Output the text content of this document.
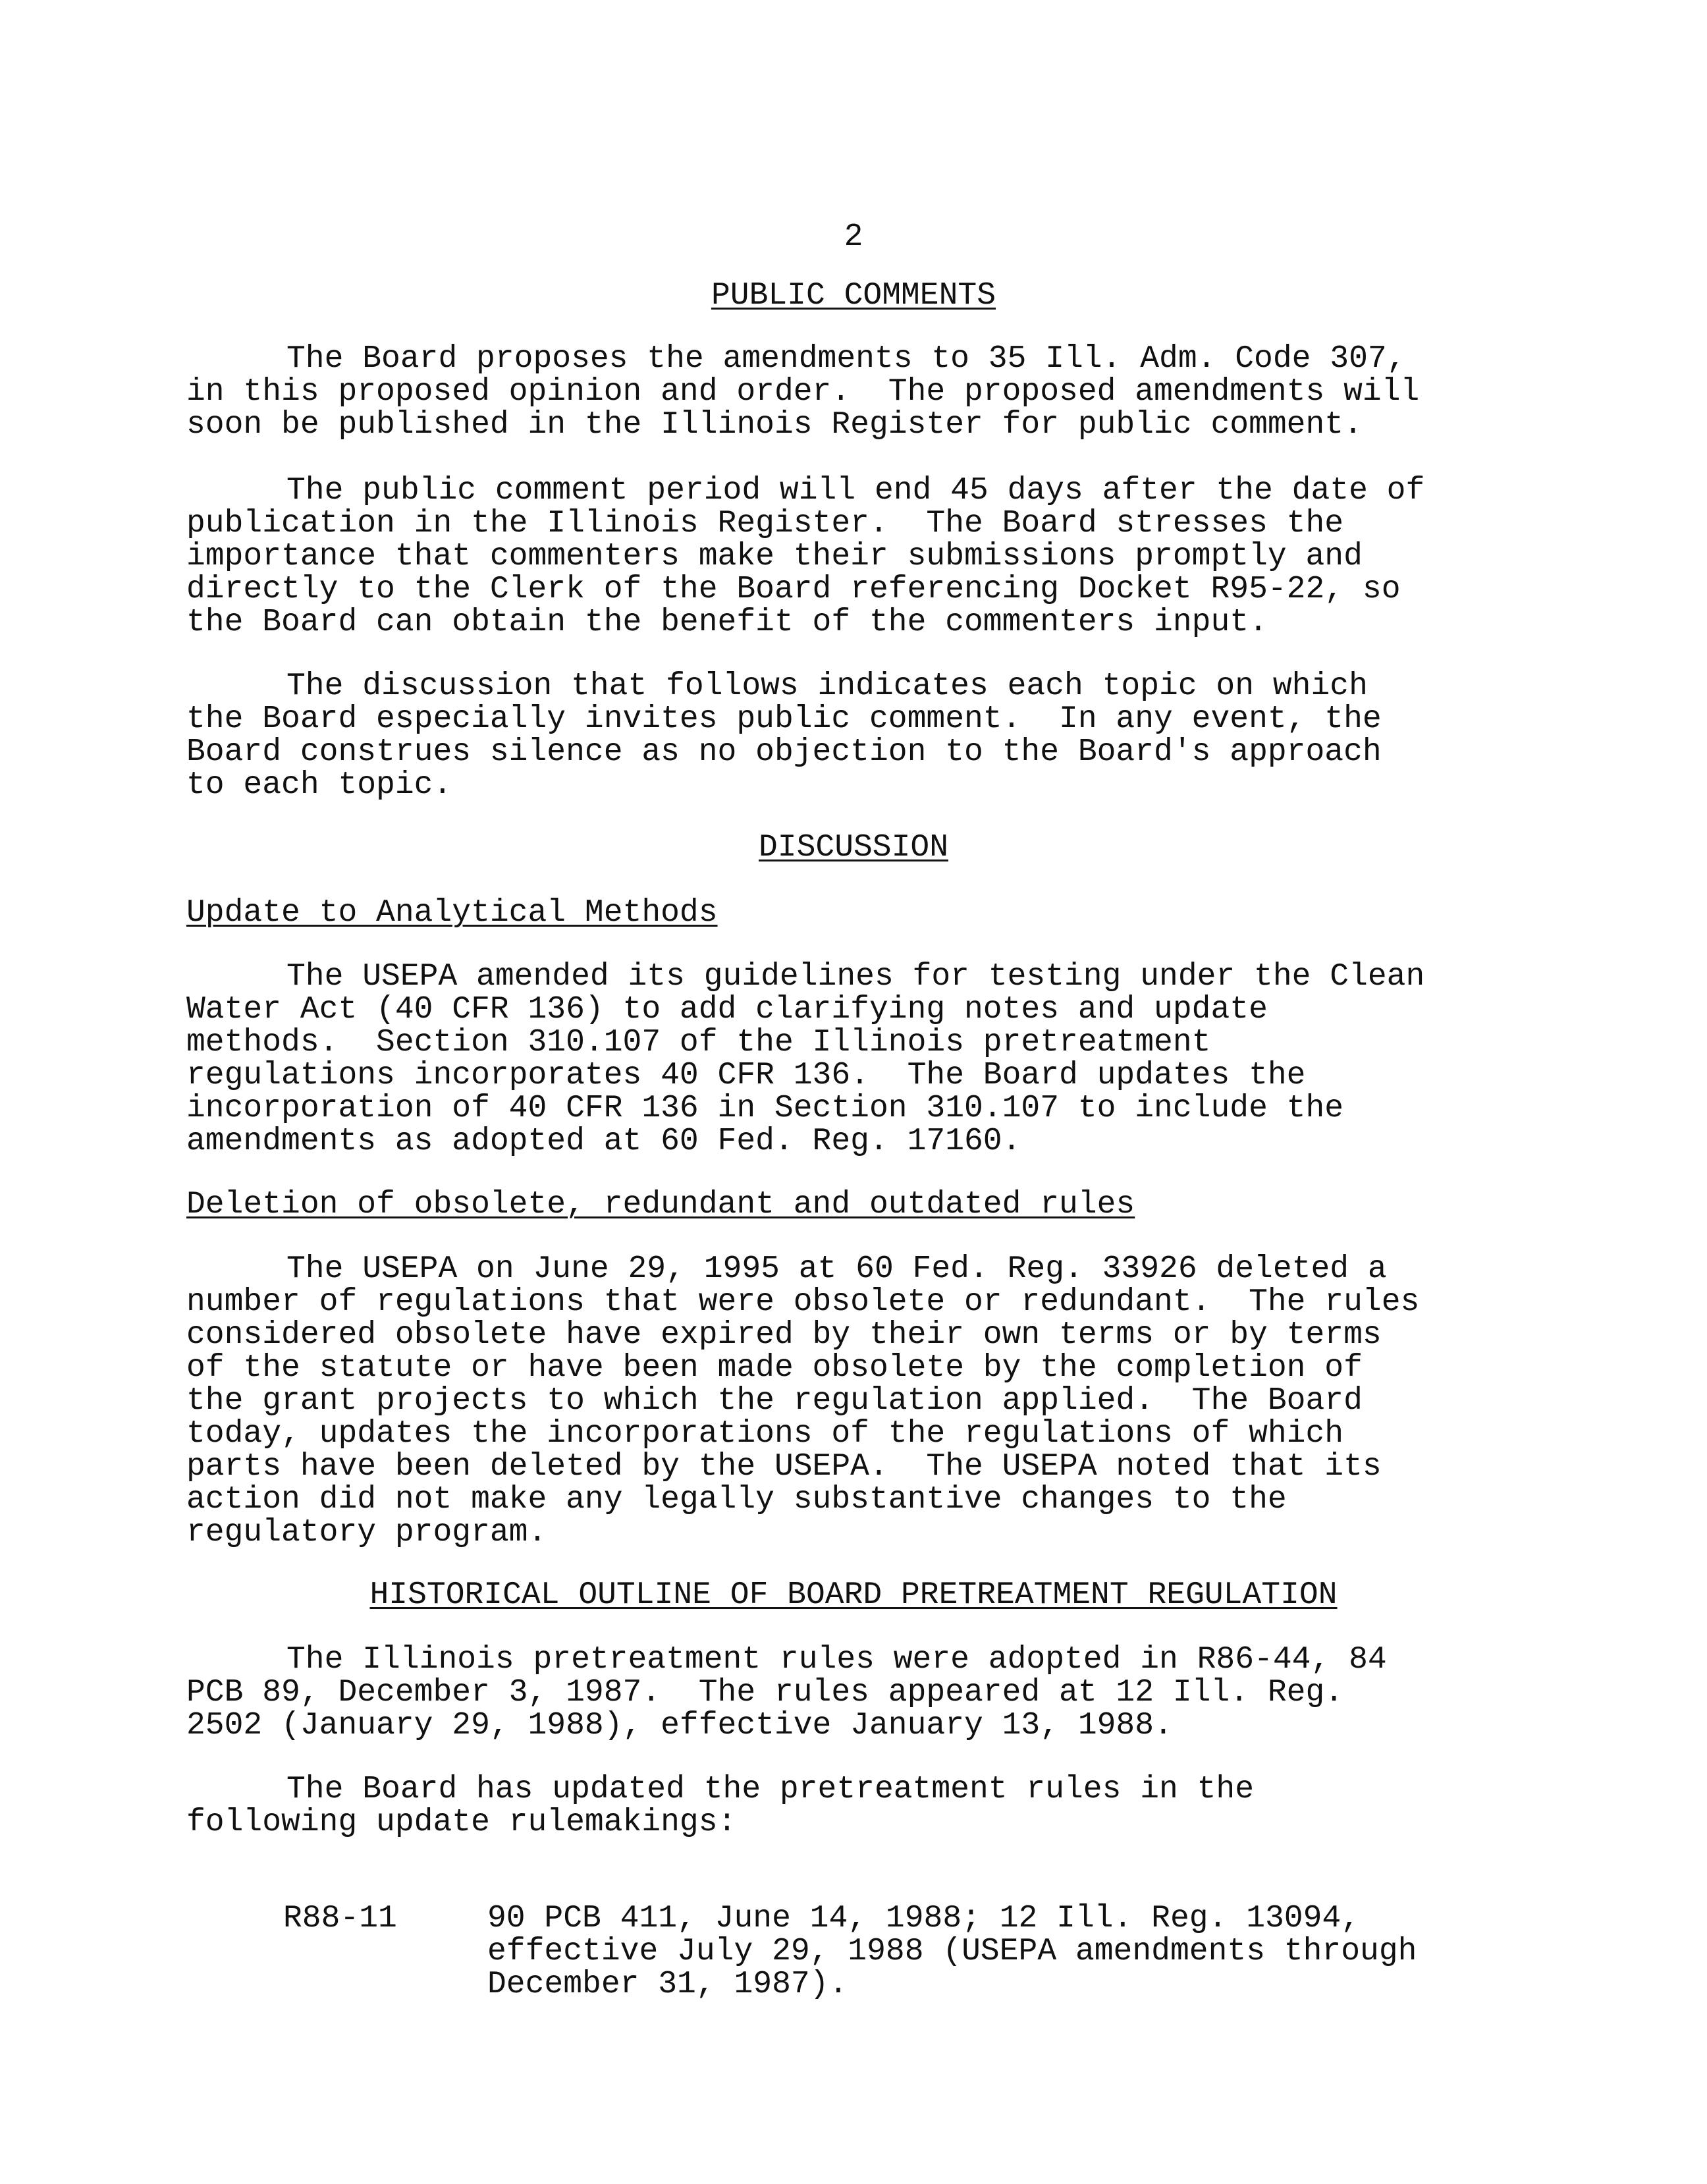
2
PUBLIC COMMENTS
The Board proposes the amendments to 35 Ill. Adm. Code 307,
in this proposed opinion and order.  The proposed amendments will
soon be published in the Illinois Register for public comment.
The public comment period will end 45 days after the date of
publication in the Illinois Register.  The Board stresses the
importance that commenters make their submissions promptly and
directly to the Clerk of the Board referencing Docket R95-22, so
the Board can obtain the benefit of the commenters input.
The discussion that follows indicates each topic on which
the Board especially invites public comment.  In any event, the
Board construes silence as no objection to the Board's approach
to each topic.
DISCUSSION
Update to Analytical Methods
The USEPA amended its guidelines for testing under the Clean
Water Act (40 CFR 136) to add clarifying notes and update
methods.  Section 310.107 of the Illinois pretreatment
regulations incorporates 40 CFR 136.  The Board updates the
incorporation of 40 CFR 136 in Section 310.107 to include the
amendments as adopted at 60 Fed. Reg. 17160.
Deletion of obsolete, redundant and outdated rules
The USEPA on June 29, 1995 at 60 Fed. Reg. 33926 deleted a
number of regulations that were obsolete or redundant.  The rules
considered obsolete have expired by their own terms or by terms
of the statute or have been made obsolete by the completion of
the grant projects to which the regulation applied.  The Board
today, updates the incorporations of the regulations of which
parts have been deleted by the USEPA.  The USEPA noted that its
action did not make any legally substantive changes to the
regulatory program.
HISTORICAL OUTLINE OF BOARD PRETREATMENT REGULATION
The Illinois pretreatment rules were adopted in R86-44, 84
PCB 89, December 3, 1987.  The rules appeared at 12 Ill. Reg.
2502 (January 29, 1988), effective January 13, 1988.
The Board has updated the pretreatment rules in the
following update rulemakings:
R88-11	90 PCB 411, June 14, 1988; 12 Ill. Reg. 13094,
effective July 29, 1988 (USEPA amendments through
December 31, 1987).
